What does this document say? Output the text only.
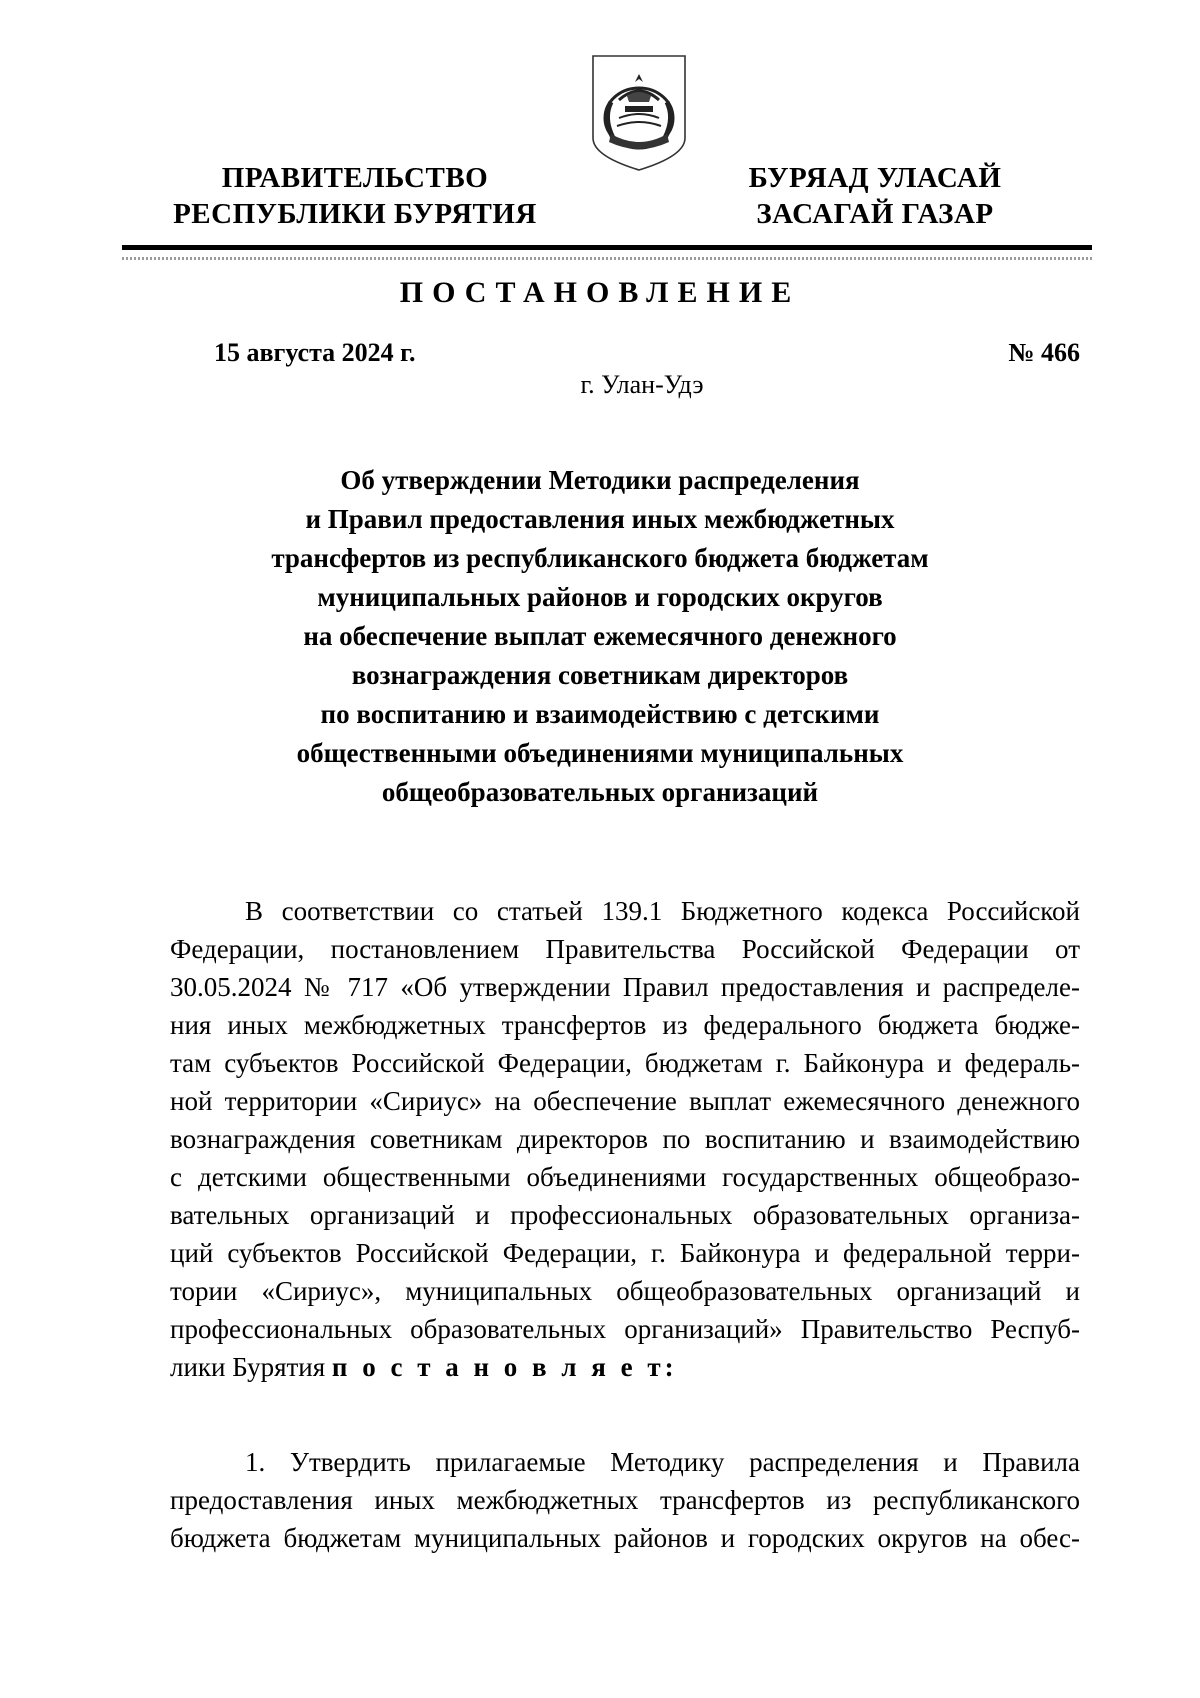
ПРАВИТЕЛЬСТВО
РЕСПУБЛИКИ БУРЯТИЯ
БУРЯАД УЛАСАЙ
ЗАСАГАЙ ГАЗАР
ПОСТАНОВЛЕНИЕ
15 августа 2024 г.	№ 466
г. Улан-Удэ
Об утверждении Методики распределения
и Правил предоставления иных межбюджетных
трансфертов из республиканского бюджета бюджетам
муниципальных районов и городских округов
на обеспечение выплат ежемесячного денежного
вознаграждения советникам директоров
по воспитанию и взаимодействию с детскими
общественными объединениями муниципальных
общеобразовательных организаций
В соответствии со статьей 139.1 Бюджетного кодекса Российской
Федерации, постановлением Правительства Российской Федерации от
30.05.2024 № 717 «Об утверждении Правил предоставления и распределе-
ния иных межбюджетных трансфертов из федерального бюджета бюдже-
там субъектов Российской Федерации, бюджетам г. Байконура и федераль-
ной территории «Сириус» на обеспечение выплат ежемесячного денежного
вознаграждения советникам директоров по воспитанию и взаимодействию
с детскими общественными объединениями государственных общеобразо-
вательных организаций и профессиональных образовательных организа-
ций субъектов Российской Федерации, г. Байконура и федеральной терри-
тории «Сириус», муниципальных общеобразовательных организаций и
профессиональных образовательных организаций» Правительство Респуб-
лики Бурятия п о с т а н о в л я е т:
1. Утвердить прилагаемые Методику распределения и Правила
предоставления иных межбюджетных трансфертов из республиканского
бюджета бюджетам муниципальных районов и городских округов на обес-
